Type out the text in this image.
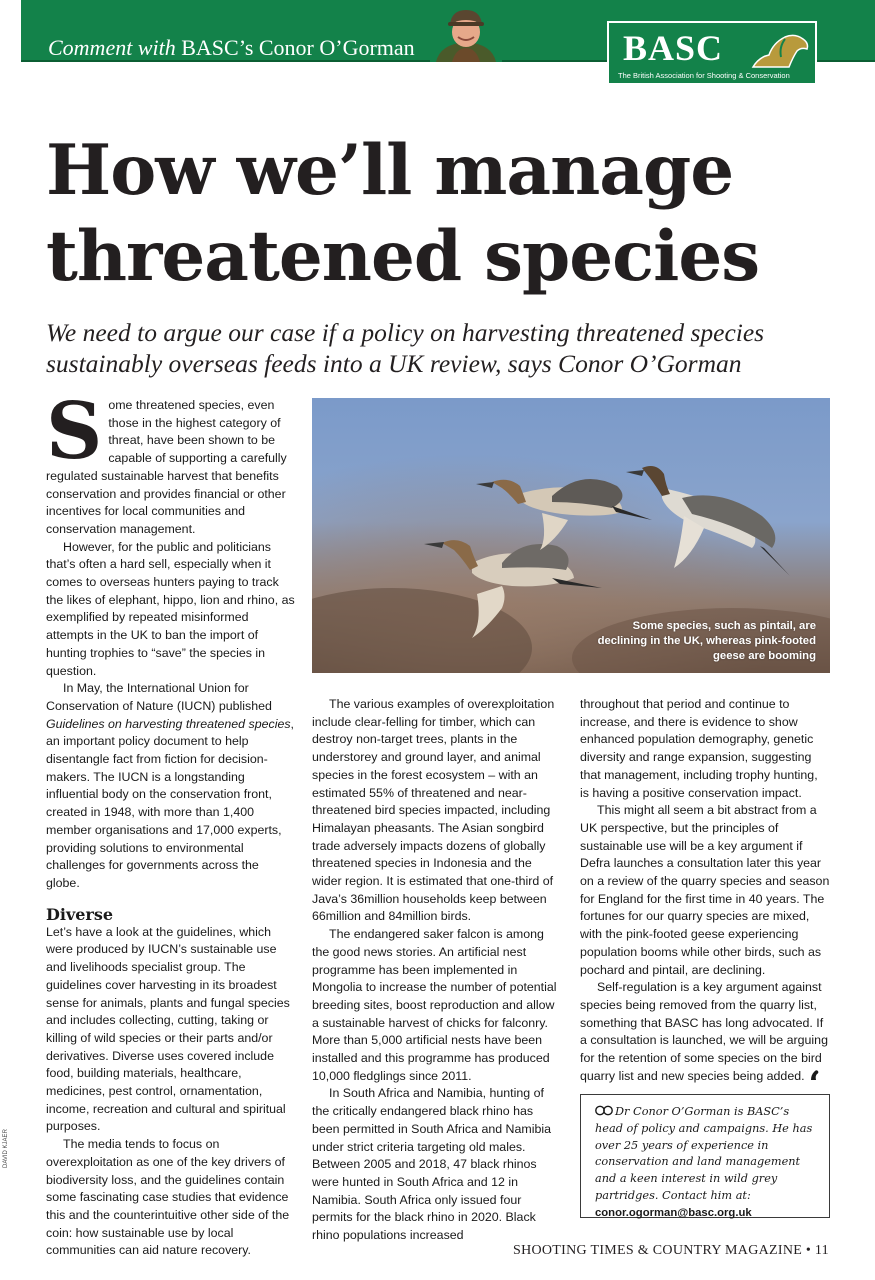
Comment with BASC’s Conor O’Gorman	BASC
The British Association for Shooting & Conservation
How we’ll manage threatened species

We need to argue our case if a policy on harvesting threatened species sustainably overseas feeds into a UK review, says Conor O’Gorman

Some threatened species, even those in the highest category of threat, have been shown to be capable of supporting a carefully regulated sustainable harvest that benefits conservation and provides financial or other incentives for local communities and conservation management.

However, for the public and politicians that’s often a hard sell, especially when it comes to overseas hunters paying to track the likes of elephant, hippo, lion and rhino, as exemplified by repeated misinformed attempts in the UK to ban the import of hunting trophies to “save” the species in question.

In May, the International Union for Conservation of Nature (IUCN) published Guidelines on harvesting threatened species, an important policy document to help disentangle fact from fiction for decision-makers. The IUCN is a longstanding influential body on the conservation front, created in 1948, with more than 1,400 member organisations and 17,000 experts, providing solutions to environmental challenges for governments across the globe.

Diverse

Let’s have a look at the guidelines, which were produced by IUCN’s sustainable use and livelihoods specialist group. The guidelines cover harvesting in its broadest sense for animals, plants and fungal species and includes collecting, cutting, taking or killing of wild species or their parts and/or derivatives. Diverse uses covered include food, building materials, healthcare, medicines, pest control, ornamentation, income, recreation and cultural and spiritual purposes.

The media tends to focus on overexploitation as one of the key drivers of biodiversity loss, and the guidelines contain some fascinating case studies that evidence this and the counterintuitive other side of the coin: how sustainable use by local communities can aid nature recovery.

Some species, such as pintail, are declining in the UK, whereas pink-footed geese are booming

The various examples of overexploitation include clear-felling for timber, which can destroy non-target trees, plants in the understorey and ground layer, and animal species in the forest ecosystem – with an estimated 55% of threatened and near-threatened bird species impacted, including Himalayan pheasants. The Asian songbird trade adversely impacts dozens of globally threatened species in Indonesia and the wider region. It is estimated that one-third of Java’s 36million households keep between 66million and 84million birds.

The endangered saker falcon is among the good news stories. An artificial nest programme has been implemented in Mongolia to increase the number of potential breeding sites, boost reproduction and allow a sustainable harvest of chicks for falconry. More than 5,000 artificial nests have been installed and this programme has produced 10,000 fledglings since 2011.

In South Africa and Namibia, hunting of the critically endangered black rhino has been permitted in South Africa and Namibia under strict criteria targeting old males. Between 2005 and 2018, 47 black rhinos were hunted in South Africa and 12 in Namibia. South Africa only issued four permits for the black rhino in 2020. Black rhino populations increased

throughout that period and continue to increase, and there is evidence to show enhanced population demography, genetic diversity and range expansion, suggesting that management, including trophy hunting, is having a positive conservation impact.

This might all seem a bit abstract from a UK perspective, but the principles of sustainable use will be a key argument if Defra launches a consultation later this year on a review of the quarry species and season for England for the first time in 40 years. The fortunes for our quarry species are mixed, with the pink-footed geese experiencing population booms while other birds, such as pochard and pintail, are declining.

Self-regulation is a key argument against species being removed from the quarry list, something that BASC has long advocated. If a consultation is launched, we will be arguing for the retention of some species on the bird quarry list and new species being added.

Dr Conor O’Gorman is BASC’s head of policy and campaigns. He has over 25 years of experience in conservation and land management and a keen interest in wild grey partridges. Contact him at:
conor.ogorman@basc.org.uk
SHOOTING TIMES & COUNTRY MAGAZINE • 11
DAVID KJAER
